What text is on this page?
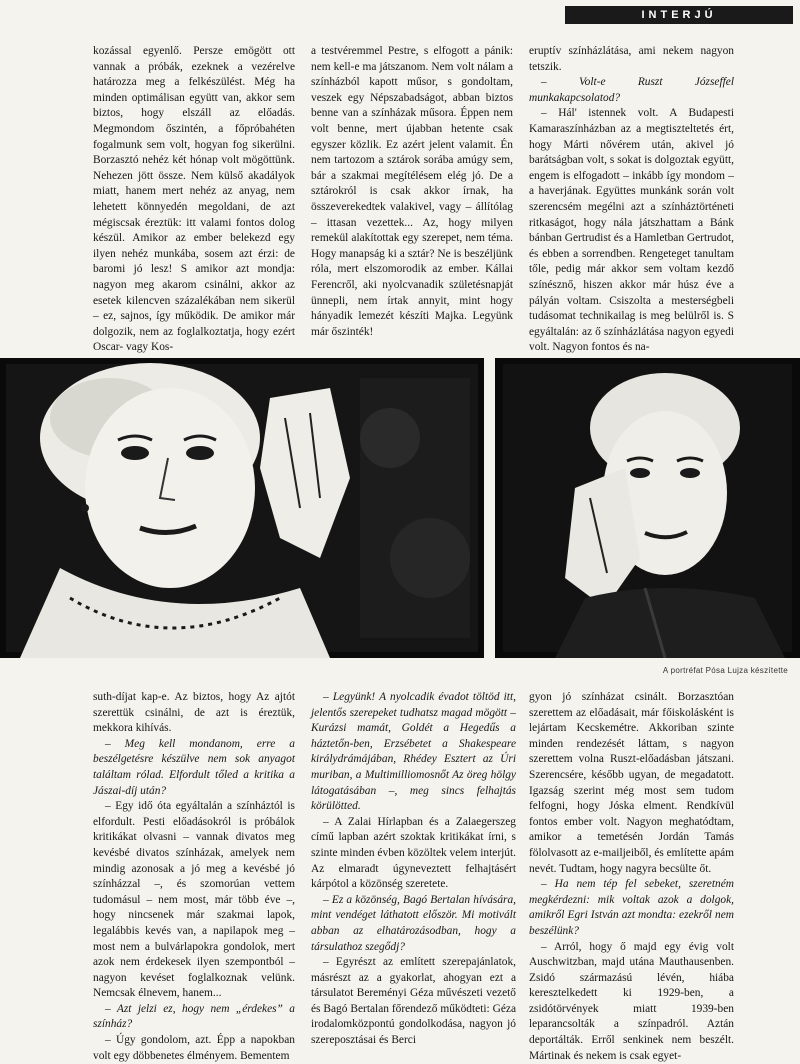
INTERJÚ

kozással egyenlő. Persze emögött ott vannak a próbák, ezeknek a vezérelve határozza meg a felkészülést. Még ha minden optimálisan együtt van, akkor sem biztos, hogy elszáll az előadás. Megmondom őszintén, a főpróbahéten fogalmunk sem volt, hogyan fog sikerülni. Borzasztó nehéz két hónap volt mögöttünk. Nehezen jött össze. Nem külső akadályok miatt, hanem mert nehéz az anyag, nem lehetett könnyedén megoldani, de azt mégiscsak éreztük: itt valami fontos dolog készül. Amikor az ember belekezd egy ilyen nehéz munkába, sosem azt érzi: de baromi jó lesz! S amikor azt mondja: nagyon meg akarom csinálni, akkor az esetek kilencven százalékában nem sikerül – ez, sajnos, így működik. De amikor már dolgozik, nem az foglalkoztatja, hogy ezért Oscar- vagy Kos-

a testvéremmel Pestre, s elfogott a pánik: nem kell-e ma játszanom. Nem volt nálam a színházból kapott műsor, s gondoltam, veszek egy Népszabadságot, abban biztos benne van a színházak műsora. Éppen nem volt benne, mert újabban hetente csak egyszer közlik. Ez azért jelent valamit. Én nem tartozom a sztárok sorába amúgy sem, bár a szakmai megítélésem elég jó. De a sztárokról is csak akkor írnak, ha összeverekedtek valakivel, vagy – állítólag – ittasan vezettek... Az, hogy milyen remekül alakítottak egy szerepet, nem téma. Hogy manapság ki a sztár? Ne is beszéljünk róla, mert elszomorodik az ember. Kállai Ferencről, aki nyolcvanadik születésnapját ünnepli, nem írtak annyit, mint hogy hányadik lemezét készíti Majka. Legyünk már őszinték!

eruptív színházlátása, ami nekem nagyon tetszik.

– Volt-e Ruszt Józseffel munkakapcsolatod?

– Hál' istennek volt. A Budapesti Kamaraszínházban az a megtiszteltetés ért, hogy Márti nővérem után, akivel jó barátságban volt, s sokat is dolgoztak együtt, engem is elfogadott – inkább így mondom – a haverjának. Együttes munkánk során volt szerencsém megélni azt a színháztörténeti ritkaságot, hogy nála játszhattam a Bánk bánban Gertrudist és a Hamletban Gertrudot, és ebben a sorrendben. Rengeteget tanultam tőle, pedig már akkor sem voltam kezdő színésznő, hiszen akkor már húsz éve a pályán voltam. Csiszolta a mesterségbeli tudásomat technikailag is meg belülről is. S egyáltalán: az ő színházlátása nagyon egyedi volt. Nagyon fontos és na-

A portréfat Pósa Lujza készítette

suth-díjat kap-e. Az biztos, hogy Az ajtót szerettük csinálni, de azt is éreztük, mekkora kihívás.

– Meg kell mondanom, erre a beszélgetésre készülve nem sok anyagot találtam rólad. Elfordult tőled a kritika a Jászai-díj után?

– Egy idő óta egyáltalán a színháztól is elfordult. Pesti előadásokról is próbálok kritikákat olvasni – vannak divatos meg kevésbé divatos színházak, amelyek nem mindig azonosak a jó meg a kevésbé jó színházzal –, és szomorúan vettem tudomásul – nem most, már több éve –, hogy nincsenek már szakmai lapok, legalábbis kevés van, a napilapok meg – most nem a bulvárlapokra gondolok, mert azok nem érdekesek ilyen szempontból – nagyon kevéset foglalkoznak velünk. Nemcsak élnevem, hanem...

– Azt jelzi ez, hogy nem „érdekes” a színház?

– Úgy gondolom, azt. Épp a napokban volt egy döbbenetes élményem. Bementem

– Legyünk! A nyolcadik évadot töltöd itt, jelentős szerepeket tudhatsz magad mögött – Kurázsi mamát, Goldét a Hegedűs a háztetőn-ben, Erzsébetet a Shakespeare királydrámájában, Rhédey Esztert az Úri muriban, a Multimilliomosnőt Az öreg hölgy látogatásában –, meg sincs felhajtás körülötted.

– A Zalai Hírlapban és a Zalaegerszeg című lapban azért szoktak kritikákat írni, s szinte minden évben közöltek velem interjút. Az elmaradt úgyneveztett felhajtásért kárpótol a közönség szeretete.

– Ez a közönség, Bagó Bertalan hívására, mint vendéget láthatott először. Mi motivált abban az elhatározásodban, hogy a társulathoz szegődj?

– Egyrészt az említett szerepajánlatok, másrészt az a gyakorlat, ahogyan ezt a társulatot Bereményi Géza művészeti vezető és Bagó Bertalan főrendező működteti: Géza irodalomközpontú gondolkodása, nagyon jó szereposztásai és Berci

gyon jó színházat csinált. Borzasztóan szerettem az előadásait, már főiskolásként is lejártam Kecskemétre. Akkoriban szinte minden rendezését láttam, s nagyon szerettem volna Ruszt-előadásban játszani. Szerencsére, később ugyan, de megadatott. Igazság szerint még most sem tudom felfogni, hogy Jóska elment. Rendkívül fontos ember volt. Nagyon meghatódtam, amikor a temetésén Jordán Tamás fölolvasott az e-mailjeiből, és említette apám nevét. Tudtam, hogy nagyra becsülte őt.

– Ha nem tép fel sebeket, szeretném megkérdezni: mik voltak azok a dolgok, amikről Egri István azt mondta: ezekről nem beszélünk?

– Arról, hogy ő majd egy évig volt Auschwitzban, majd utána Mauthausenben. Zsidó származású lévén, hiába keresztelkedett ki 1929-ben, a zsidótörvények miatt 1939-ben leparancsolták a színpadról. Aztán deportálták. Erről senkinek nem beszélt. Mártinak és nekem is csak egyet-
